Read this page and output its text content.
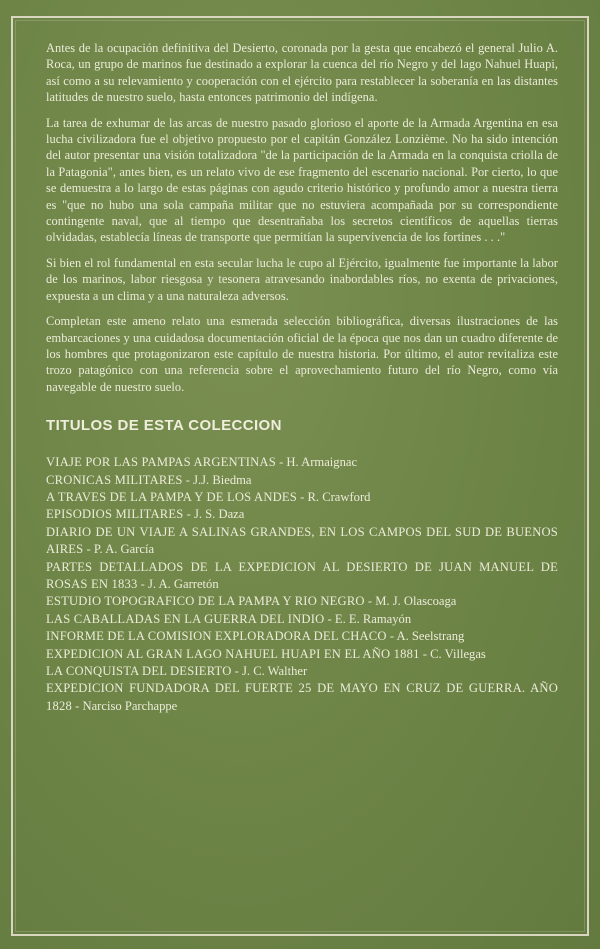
Antes de la ocupación definitiva del Desierto, coronada por la gesta que encabezó el general Julio A. Roca, un grupo de marinos fue destinado a explorar la cuenca del río Negro y del lago Nahuel Huapi, así como a su relevamiento y cooperación con el ejército para restablecer la soberanía en las distantes latitudes de nuestro suelo, hasta entonces patrimonio del indígena.

La tarea de exhumar de las arcas de nuestro pasado glorioso el aporte de la Armada Argentina en esa lucha civilizadora fue el objetivo propuesto por el capitán González Lonzième. No ha sido intención del autor presentar una visión totalizadora "de la participación de la Armada en la conquista criolla de la Patagonia", antes bien, es un relato vivo de ese fragmento del escenario nacional. Por cierto, lo que se demuestra a lo largo de estas páginas con agudo criterio histórico y profundo amor a nuestra tierra es "que no hubo una sola campaña militar que no estuviera acompañada por su correspondiente contingente naval, que al tiempo que desentrañaba los secretos científicos de aquellas tierras olvidadas, establecía líneas de transporte que permitían la supervivencia de los fortines . . ."

Si bien el rol fundamental en esta secular lucha le cupo al Ejército, igualmente fue importante la labor de los marinos, labor riesgosa y tesonera atravesando inabordables ríos, no exenta de privaciones, expuesta a un clima y a una naturaleza adversos.

Completan este ameno relato una esmerada selección bibliográfica, diversas ilustraciones de las embarcaciones y una cuidadosa documentación oficial de la época que nos dan un cuadro diferente de los hombres que protagonizaron este capítulo de nuestra historia. Por último, el autor revitaliza este trozo patagónico con una referencia sobre el aprovechamiento futuro del río Negro, como vía navegable de nuestro suelo.

TITULOS DE ESTA COLECCION
VIAJE POR LAS PAMPAS ARGENTINAS - H. Armaignac
CRONICAS MILITARES - J.J. Biedma
A TRAVES DE LA PAMPA Y DE LOS ANDES - R. Crawford
EPISODIOS MILITARES - J. S. Daza
DIARIO DE UN VIAJE A SALINAS GRANDES, EN LOS CAMPOS DEL SUD DE BUENOS AIRES - P. A. García
PARTES DETALLADOS DE LA EXPEDICION AL DESIERTO DE JUAN MANUEL DE ROSAS EN 1833 - J. A. Garretón
ESTUDIO TOPOGRAFICO DE LA PAMPA Y RIO NEGRO - M. J. Olascoaga
LAS CABALLADAS EN LA GUERRA DEL INDIO - E. E. Ramayón
INFORME DE LA COMISION EXPLORADORA DEL CHACO - A. Seelstrang
EXPEDICION AL GRAN LAGO NAHUEL HUAPI EN EL AÑO 1881 - C. Villegas
LA CONQUISTA DEL DESIERTO - J. C. Walther
EXPEDICION FUNDADORA DEL FUERTE 25 DE MAYO EN CRUZ DE GUERRA. AÑO 1828 - Narciso Parchappe
